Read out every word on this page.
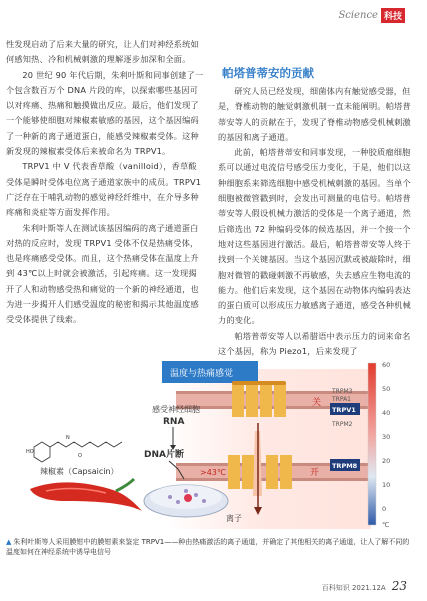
Science 科技

性发现启动了后来大量的研究，让人们对神经系统如何感知热、冷和机械刺激的理解逐步加深和全面。

20 世纪 90 年代后期，朱利叶斯和同事创建了一个包含数百万个 DNA 片段的库，以探索哪些基因可以对疼痛、热痛和触摸做出反应。最后，他们发现了一个能够使细胞对辣椒素敏感的基因，这个基因编码了一种新的离子通道蛋白，能感受辣椒素受体。这种新发现的辣椒素受体后来被命名为 TRPV1。

TRPV1 中 V 代表香草酸（vanilloid），香草酸受体是瞬时受体电位离子通道家族中的成员。TRPV1 广泛存在于哺乳动物的感觉神经纤维中，在介导多种疼痛和炎症等方面发挥作用。

朱利叶斯等人在测试该基因编码的离子通道蛋白对热的反应时，发现 TRPV1 受体不仅是热痛受体，也是疼痛感受受体。而且，这个热痛受体在温度上升到 43℃以上时就会被激活，引起疼痛。这一发现揭开了人和动物感受热和痛觉的一个新的神经通道，也为进一步揭开人们感受温度的秘密和揭示其他温度感受受体提供了线索。

帕塔普蒂安的贡献

研究人员已经发现，细菌体内有触觉感受器，但是，脊椎动物的触觉刺激机制一直未能阐明。帕塔普蒂安等人的贡献在于，发现了脊椎动物感受机械刺激的基因和离子通道。

此前，帕塔普蒂安和同事发现，一种胶质瘤细胞系可以通过电流信号感受压力变化，于是，他们以这种细胞系来筛选细胞中感受机械刺激的基因。当单个细胞被微管戳到时，会发出可测量的电信号。帕塔普蒂安等人假设机械力激活的受体是一个离子通道，然后筛选出 72 种编码受体的候选基因，并一个接一个地对这些基因进行激活。最后，帕塔普蒂安等人终于找到一个关键基因。当这个基因沉默或被敲除时，细胞对微管的戳碰刺激不再敏感，失去感应生物电流的能力。他们后来发现，这个基因在动物体内编码表达的蛋白质可以形成压力敏感离子通道，感受各种机械力的变化。

帕塔普蒂安等人以希腊语中表示压力的词来命名这个基因，称为 Piezo1，后来发现了

温度与热痛感觉
关
>43℃	开
离子
感受神经细胞
RNA
DNA片断
HO
N
O
辣椒素（Capsaicin）
TRPM3
TRPA1
TRPV1
TRPM2
TRPM8
60
50
40
30
20
10
0
℃
▲ 朱利叶斯等人采用膜钳中的膜钳素来鉴定 TRPV1——种由热痛激活的离子通道，并确定了其他相关的离子通道，让人了解不同的温度如何在神经系统中诱导电信号
百科知识 2021.12A 23
